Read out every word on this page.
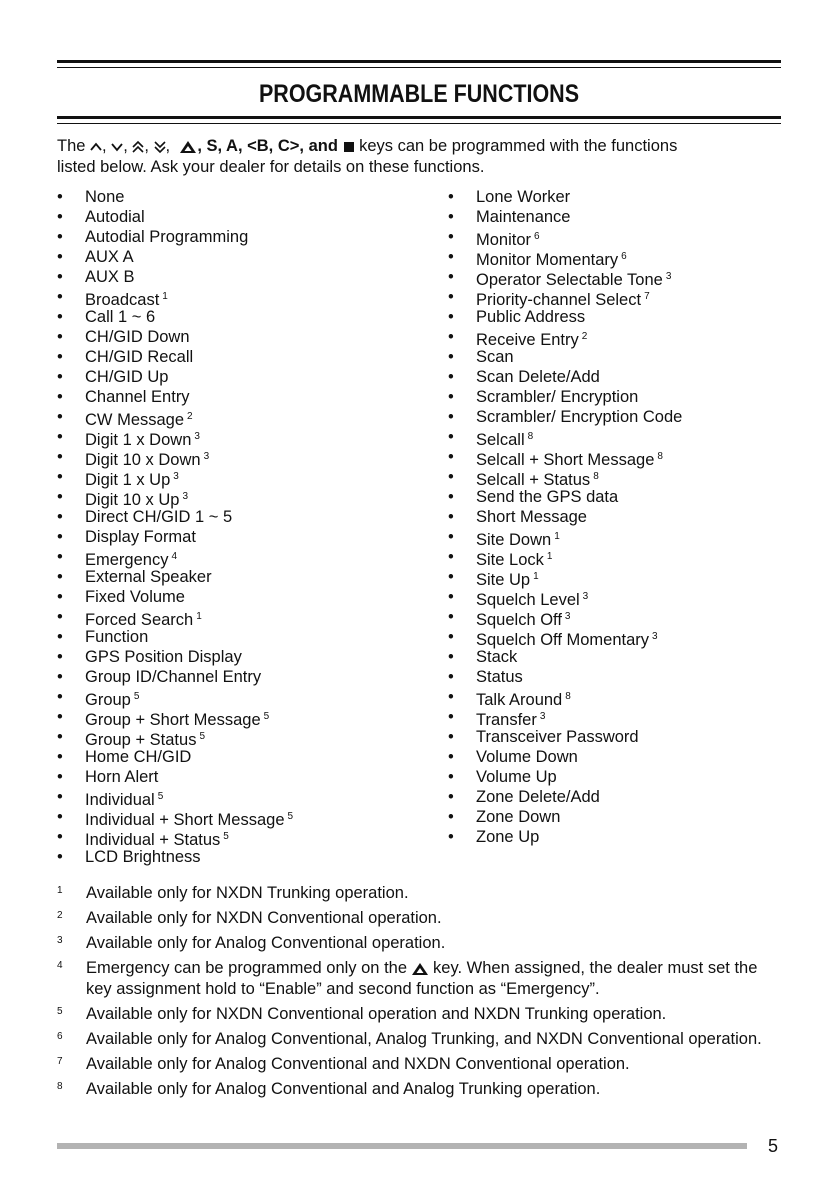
PROGRAMMABLE FUNCTIONS
The ,
,
,
,
, S, A, <B, C>, and
keys can be programmed with the functions
listed below. Ask your dealer for details on these functions.
•	None
•	Autodial
•	Autodial Programming
•	AUX A
•	AUX B
•	Broadcast $^1$
•	Call 1 ~ 6
•	CH/GID Down
•	CH/GID Recall
•	CH/GID Up
•	Channel Entry
•	CW Message $^2$
•	Digit 1 x Down $^3$
•	Digit 10 x Down $^3$
•	Digit 1 x Up $^3$
•	Digit 10 x Up $^3$
•	Direct CH/GID 1 ~ 5
•	Display Format
•	Emergency $^4$
•	External Speaker
•	Fixed Volume
•	Forced Search $^1$
•	Function
•	GPS Position Display
•	Group ID/Channel Entry
•	Group $^5$
•	Group + Short Message $^5$
•	Group + Status $^5$
•	Home CH/GID
•	Horn Alert
•	Individual $^5$
•	Individual + Short Message $^5$
•	Individual + Status $^5$
•	LCD Brightness
•	Lone Worker
•	Maintenance
•	Monitor $^6$
•	Monitor Momentary $^6$
•	Operator Selectable Tone $^3$
•	Priority-channel Select $^7$
•	Public Address
•	Receive Entry $^2$
•	Scan
•	Scan Delete/Add
•	Scrambler/ Encryption
•	Scrambler/ Encryption Code
•	Selcall $^8$
•	Selcall + Short Message $^8$
•	Selcall + Status $^8$
•	Send the GPS data
•	Short Message
•	Site Down $^1$
•	Site Lock $^1$
•	Site Up $^1$
•	Squelch Level $^3$
•	Squelch Off $^3$
•	Squelch Off Momentary $^3$
•	Stack
•	Status
•	Talk Around $^8$
•	Transfer $^3$
•	Transceiver Password
•	Volume Down
•	Volume Up
•	Zone Delete/Add
•	Zone Down
•	Zone Up
1 Available only for NXDN Trunking operation.
2 Available only for NXDN Conventional operation.
3 Available only for Analog Conventional operation.
4 Emergency can be programmed only on the key. When assigned, the dealer must set the key assignment hold to “Enable” and second function as “Emergency”.
5 Available only for NXDN Conventional operation and NXDN Trunking operation.
6 Available only for Analog Conventional, Analog Trunking, and NXDN Conventional operation.
7 Available only for Analog Conventional and NXDN Conventional operation.
8 Available only for Analog Conventional and Analog Trunking operation.
5
